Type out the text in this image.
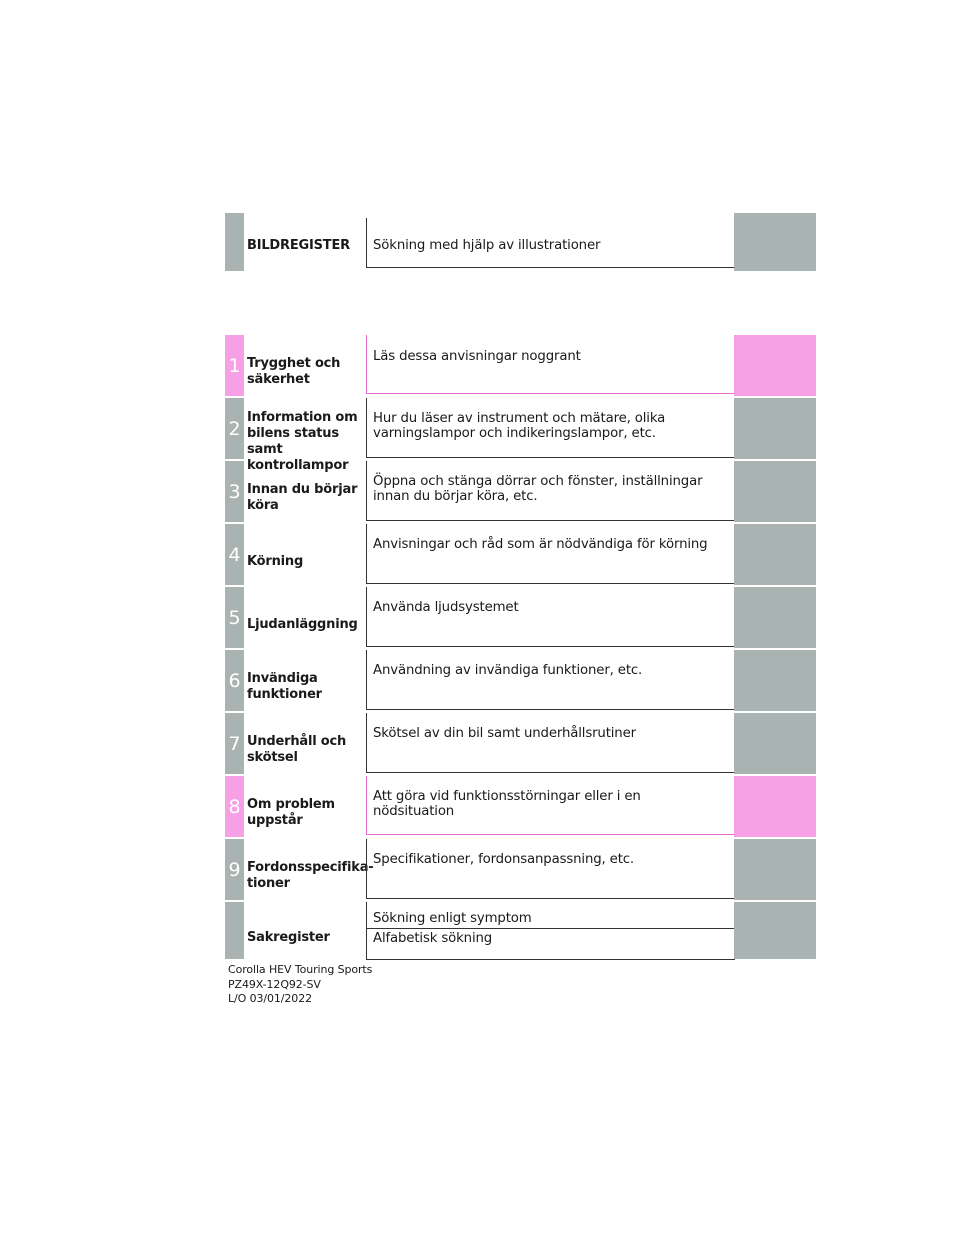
BILDREGISTER	Sökning med hjälp av illustrationer
1 Trygghet och säkerhet
Läs dessa anvisningar noggrant
2
Information om bilens status samt kontrollampor
Hur du läser av instrument och mätare, olika varningslampor och indikeringslampor, etc.
3 Innan du börjar köra
Öppna och stänga dörrar och fönster, inställningar innan du börjar köra, etc.
4 Körning
Anvisningar och råd som är nödvändiga för körning
5 Ljudanläggning
Använda ljudsystemet
6 Invändiga funktioner
Användning av invändiga funktioner, etc.
7 Underhåll och skötsel
Skötsel av din bil samt underhållsrutiner
8 Om problem uppstår
Att göra vid funktionsstörningar eller i en nödsituation
9 Fordonsspecifika-tioner
Specifikationer, fordonsanpassning, etc.
Sakregister
Sökning enligt symptom
Alfabetisk sökning
Corolla HEV Touring Sports
PZ49X-12Q92-SV
L/O 03/01/2022
